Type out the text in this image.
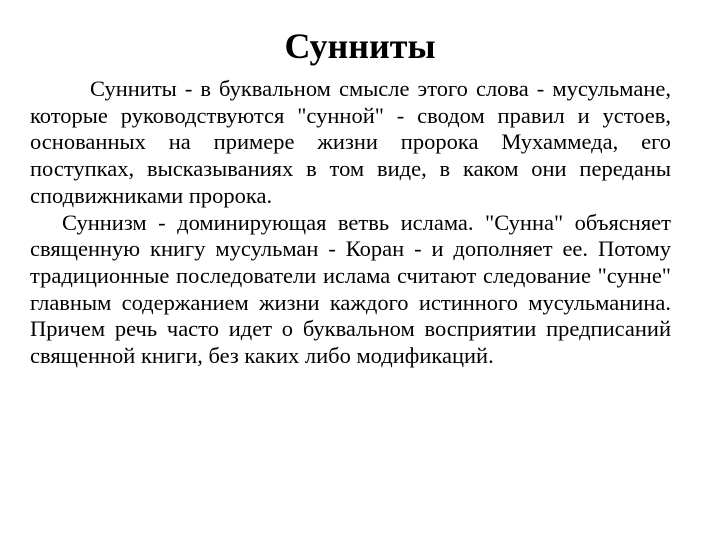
Сунниты

Сунниты - в буквальном смысле этого слова - мусульмане, которые руководствуются "сунной" - сводом правил и устоев, основанных на примере жизни пророка Мухаммеда, его поступках, высказываниях в том виде, в каком они переданы сподвижниками пророка.

Суннизм - доминирующая ветвь ислама. "Сунна" объясняет священную книгу мусульман - Коран - и дополняет ее. Потому традиционные последователи ислама считают следование "сунне" главным содержанием жизни каждого истинного мусульманина. Причем речь часто идет о буквальном восприятии предписаний священной книги, без каких либо модификаций.
